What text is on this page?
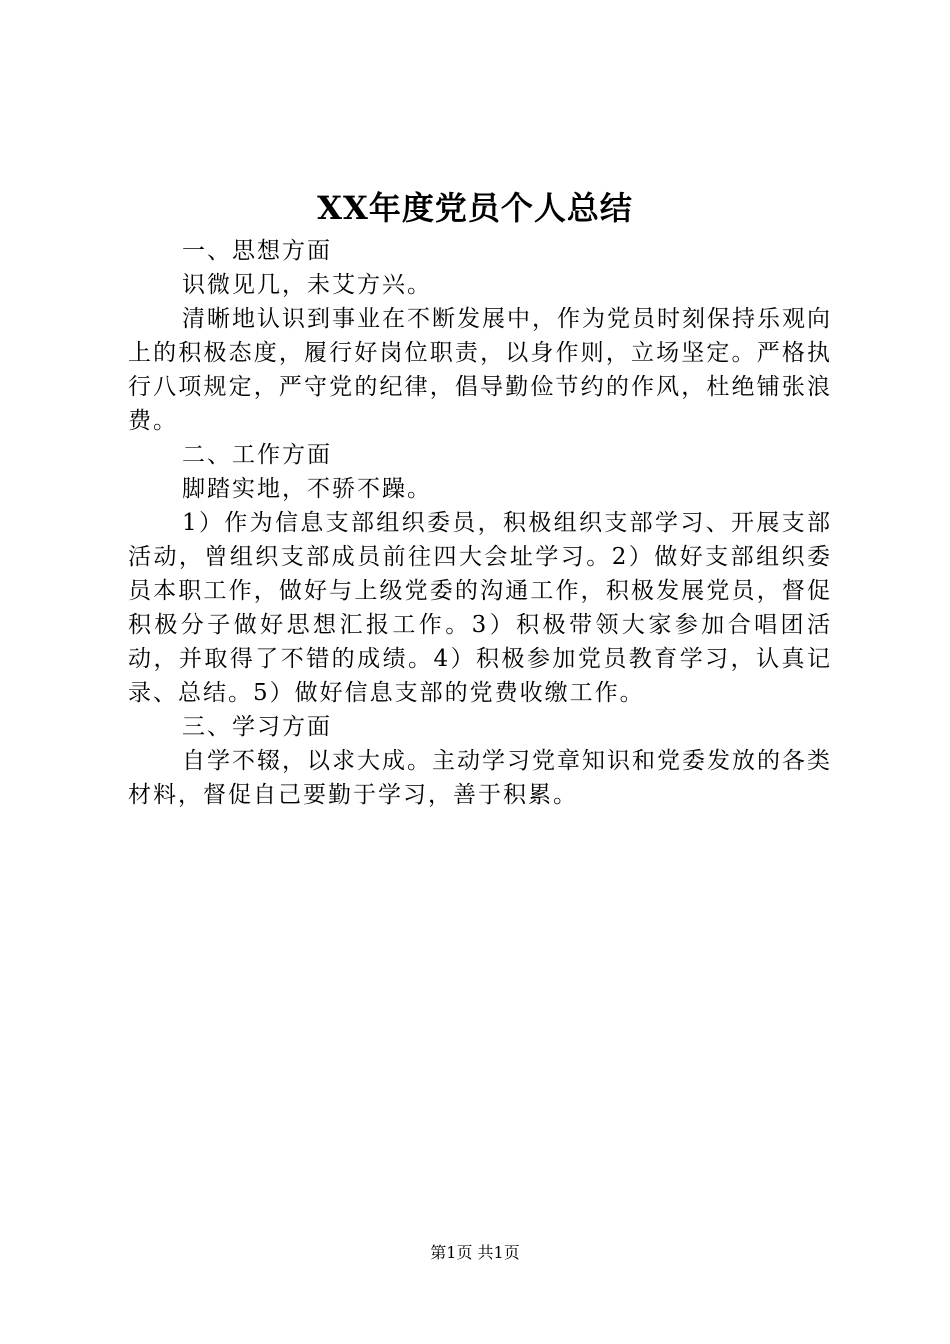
XX年度党员个人总结

一、思想方面

识微见几，未艾方兴。

清晰地认识到事业在不断发展中，作为党员时刻保持乐观向上的积极态度，履行好岗位职责，以身作则，立场坚定。严格执行八项规定，严守党的纪律，倡导勤俭节约的作风，杜绝铺张浪费。

二、工作方面

脚踏实地，不骄不躁。

1）作为信息支部组织委员，积极组织支部学习、开展支部活动，曾组织支部成员前往四大会址学习。2）做好支部组织委员本职工作，做好与上级党委的沟通工作，积极发展党员，督促积极分子做好思想汇报工作。3）积极带领大家参加合唱团活动，并取得了不错的成绩。4）积极参加党员教育学习，认真记录、总结。5）做好信息支部的党费收缴工作。

三、学习方面

自学不辍，以求大成。主动学习党章知识和党委发放的各类材料，督促自己要勤于学习，善于积累。

第1页 共1页
